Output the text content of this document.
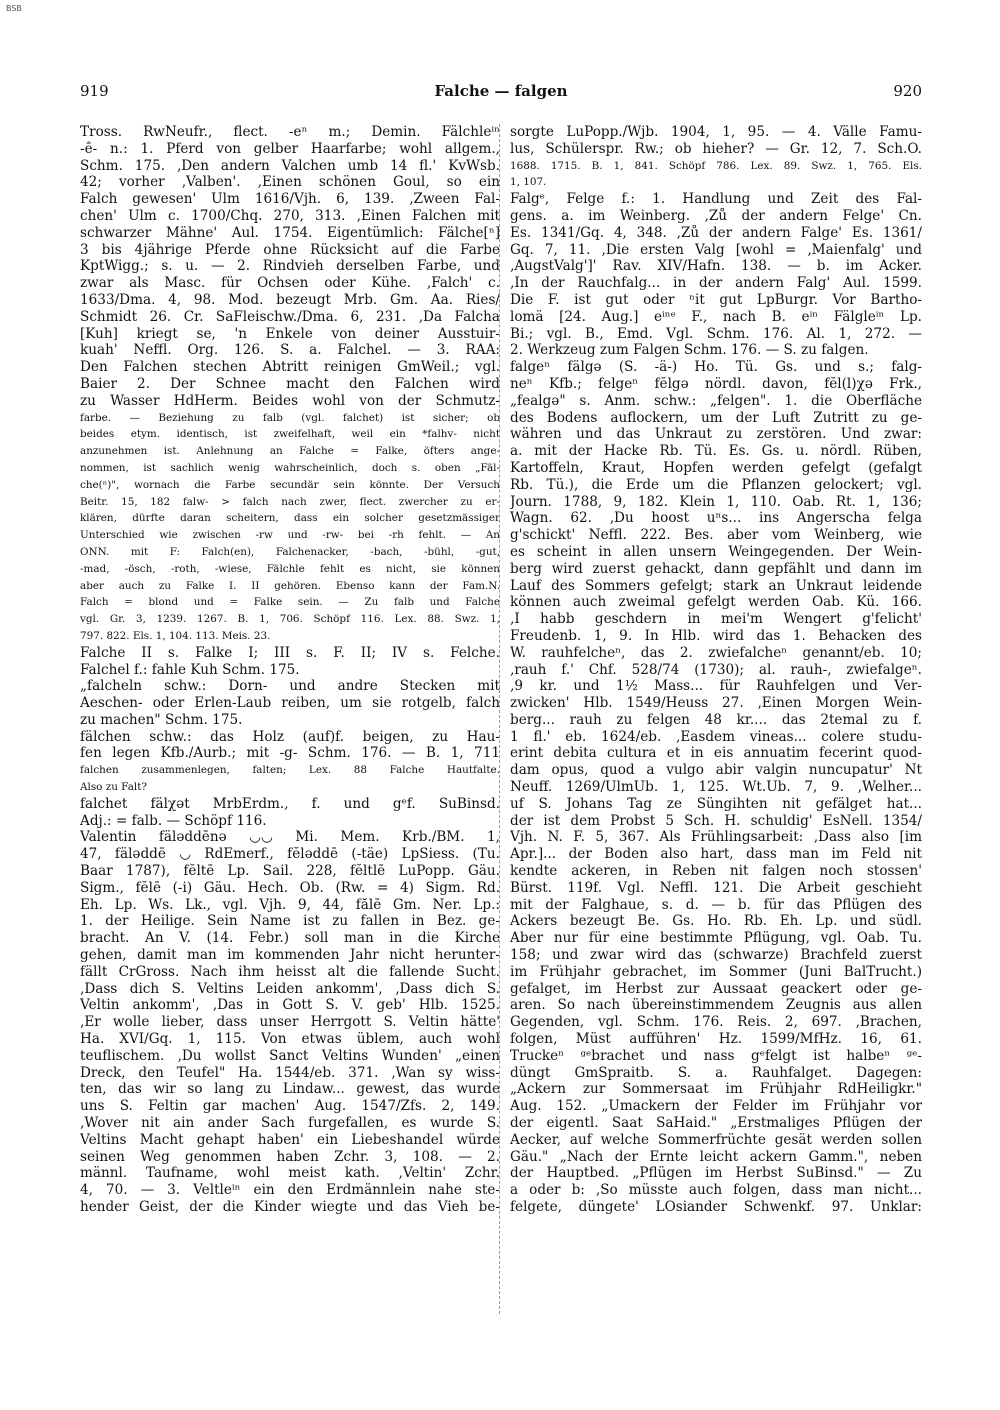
BSB
919	Falche — falgen	920
Tross. RwNeufr., flect. -eⁿ m.; Demin. Fälchleⁱⁿ
-ḗ- n.: 1. Pferd von gelber Haarfarbe; wohl allgem.,
Schm. 175. ‚Den andern Valchen umb 14 fl.' KvWsb.
42; vorher ‚Valben'. ‚Einen schönen Goul, so ein
Falch gewesen' Ulm 1616/Vjh. 6, 139. ‚Zween Fal-
chen' Ulm c. 1700/Chq. 270, 313. ‚Einen Falchen mit
schwarzer Mähne' Aul. 1754. Eigentümlich: Fälche[ⁿ]
3 bis 4jährige Pferde ohne Rücksicht auf die Farbe
KptWigg.; s. u. — 2. Rindvieh derselben Farbe, und
zwar als Masc. für Ochsen oder Kühe. ‚Falch' c.
1633/Dma. 4, 98. Mod. bezeugt Mrb. Gm. Aa. Ries/
Schmidt 26. Cr. SaFleischw./Dma. 6, 231. ‚Da Falcha
[Kuh] kriegt se, 'n Enkele von deiner Ausstuir-
kuah' Neffl. Org. 126. S. a. Falchel. — 3. RAA:
Den Falchen stechen Abtritt reinigen GmWeil.; vgl.
Baier 2. Der Schnee macht den Falchen wird
zu Wasser HdHerm. Beides wohl von der Schmutz-
farbe. — Beziehung zu falb (vgl. falchet) ist sicher; ob
beides etym. identisch, ist zweifelhaft, weil ein *falhv- nicht
anzunehmen ist. Anlehnung an Falche = Falke, öfters ange-
nommen, ist sachlich wenig wahrscheinlich, doch s. oben „Fäl-
che(ⁿ)", wornach die Farbe secundär sein könnte. Der Versuch
Beitr. 15, 182 falw- > falch nach zwer, flect. zwercher zu er-
klären, dürfte daran scheitern, dass ein solcher gesetzmässiger
Unterschied wie zwischen -rw und -rw- bei -rh fehlt. — An
ONN. mit F: Falch(en), Falchenacker, -bach, -bühl, -gut,
-mad, -ösch, -roth, -wiese, Fälchle fehlt es nicht, sie können
aber auch zu Falke I. II gehören. Ebenso kann der Fam.N.
Falch = blond und = Falke sein. — Zu falb und Falche
vgl. Gr. 3, 1239. 1267. B. 1, 706. Schöpf 116. Lex. 88. Swz. 1,
797. 822. Els. 1, 104. 113. Meis. 23.
Falche II s. Falke I; III s. F. II; IV s. Felche.
Falchel f.: fahle Kuh Schm. 175.
„falcheln schw.: Dorn- und andre Stecken mit
Aeschen- oder Erlen-Laub reiben, um sie rotgelb, falch
zu machen" Schm. 175.
fälchen schw.: das Holz (auf)f. beigen, zu Hau-
fen legen Kfb./Aurb.; mit -g- Schm. 176. — B. 1, 711
falchen zusammenlegen, falten; Lex. 88 Falche Hautfalte.
Also zu Falt?
falchet fälχət MrbErdm., f. und gᵉf. SuBinsd.
Adj.: = falb. — Schöpf 116.
Valentin fäləddēnə ◡◡ Mi. Mem. Krb./BM. 1,
47, fäləddē ◡ RdEmerf., fĕləddē (-täe) LpSiess. (Tu.
Baar 1787), fĕltē Lp. Sail. 228, fĕltlē LuPopp. Gäu.
Sigm., fĕlē (-i) Gäu. Hech. Ob. (Rw. = 4) Sigm. Rd.
Eh. Lp. Ws. Lk., vgl. Vjh. 9, 44, fălē Gm. Ner. Lp.:
1. der Heilige. Sein Name ist zu fallen in Bez. ge-
bracht. An V. (14. Febr.) soll man in die Kirche
gehen, damit man im kommenden Jahr nicht herunter-
fällt CrGross. Nach ihm heisst alt die fallende Sucht.
‚Dass dich S. Veltins Leiden ankomm', ‚Dass dich S.
Veltin ankomm', ‚Das in Gott S. V. geb' Hlb. 1525.
‚Er wolle lieber, dass unser Herrgott S. Veltin hätte'
Ha. XVI/Gq. 1, 115. Von etwas üblem, auch wohl
teuflischem. ‚Du wollst Sanct Veltins Wunden' „einen
Dreck, den Teufel" Ha. 1544/eb. 371. ‚Wan sy wiss-
ten, das wir so lang zu Lindaw... gewest, das wurde
uns S. Feltin gar machen' Aug. 1547/Zfs. 2, 149.
‚Wover nit ain ander Sach furgefallen, es wurde S.
Veltins Macht gehapt haben' ein Liebeshandel würde
seinen Weg genommen haben Zchr. 3, 108. — 2.
männl. Taufname, wohl meist kath. ‚Veltin' Zchr.
4, 70. — 3. Veltleⁱⁿ ein den Erdmännlein nahe ste-
hender Geist, der die Kinder wiegte und das Vieh be-
sorgte LuPopp./Wjb. 1904, 1, 95. — 4. Välle Famu-
lus, Schülerspr. Rw.; ob hieher? — Gr. 12, 7. Sch.O.
1688. 1715. B. 1, 841. Schöpf 786. Lex. 89. Swz. 1, 765. Els.
1, 107.
Falgᵉ, Felge f.: 1. Handlung und Zeit des Fal-
gens. a. im Weinberg. ‚Zů der andern Felge' Cn.
Es. 1341/Gq. 4, 348. ‚Zů der andern Falge' Es. 1361/
Gq. 7, 11. ‚Die ersten Valg [wohl = ‚Maienfalg' und
‚AugstValg']' Rav. XIV/Hafn. 138. — b. im Acker.
‚In der Rauchfalg... in der andern Falg' Aul. 1599.
Die F. ist gut oder ⁿit gut LpBurgr. Vor Bartho-
lomä [24. Aug.] eⁱⁿᵉ F., nach B. eⁱⁿ Fälgleⁱⁿ Lp.
Bi.; vgl. B., Emd. Vgl. Schm. 176. Al. 1, 272. —
2. Werkzeug zum Falgen Schm. 176. — S. zu falgen.
falgeⁿ fälgə (S. -ä-) Ho. Tü. Gs. und s.; falg-
neⁿ Kfb.; felgeⁿ fĕlgə nördl. davon, fĕl(l)χə Frk.,
„fealgə" s. Anm. schw.: „felgen". 1. die Oberfläche
des Bodens auflockern, um der Luft Zutritt zu ge-
währen und das Unkraut zu zerstören. Und zwar:
a. mit der Hacke Rb. Tü. Es. Gs. u. nördl. Rüben,
Kartoffeln, Kraut, Hopfen werden gefelgt (gefalgt
Rb. Tü.), die Erde um die Pflanzen gelockert; vgl.
Journ. 1788, 9, 182. Klein 1, 110. Oab. Rt. 1, 136;
Wagn. 62. ‚Du hoost uⁿs... ins Angerscha felga
g'schickt' Neffl. 222. Bes. aber vom Weinberg, wie
es scheint in allen unsern Weingegenden. Der Wein-
berg wird zuerst gehackt, dann gepfählt und dann im
Lauf des Sommers gefelgt; stark an Unkraut leidende
können auch zweimal gefelgt werden Oab. Kü. 166.
‚I habb geschdern in mei'm Wengert g'felicht'
Freudenb. 1, 9. In Hlb. wird das 1. Behacken des
W. rauhfelcheⁿ, das 2. zwiefalcheⁿ genannt/eb. 10;
‚rauh f.' Chf. 528/74 (1730); al. rauh-, zwiefalgeⁿ.
‚9 kr. und 1½ Mass... für Rauhfelgen und Ver-
zwicken' Hlb. 1549/Heuss 27. ‚Einen Morgen Wein-
berg... rauh zu felgen 48 kr.... das 2temal zu f.
1 fl.' eb. 1624/eb. ‚Easdem vineas... colere studu-
erint debita cultura et in eis annuatim fecerint quod-
dam opus, quod a vulgo abir valgin nuncupatur' Nt
Neuff. 1269/UlmUb. 1, 125. Wt.Ub. 7, 9. ‚Welher...
uf S. Johans Tag ze Süngihten nit gefälget hat...
der ist dem Probst 5 Sch. H. schuldig' EsNell. 1354/
Vjh. N. F. 5, 367. Als Frühlingsarbeit: ‚Dass also [im
Apr.]... der Boden also hart, dass man im Feld nit
kendte ackeren, in Reben nit falgen noch stossen'
Bürst. 119f. Vgl. Neffl. 121. Die Arbeit geschieht
mit der Falghaue, s. d. — b. für das Pflügen des
Ackers bezeugt Be. Gs. Ho. Rb. Eh. Lp. und südl.
Aber nur für eine bestimmte Pflügung, vgl. Oab. Tu.
158; und zwar wird das (schwarze) Brachfeld zuerst
im Frühjahr gebrachet, im Sommer (Juni BalTrucht.)
gefalget, im Herbst zur Aussaat geackert oder ge-
aren. So nach übereinstimmendem Zeugnis aus allen
Gegenden, vgl. Schm. 176. Reis. 2, 697. ‚Brachen,
folgen, Müst aufführen' Hz. 1599/MfHz. 16, 61.
Truckeⁿ ᵍᵉbrachet und nass gᵉfelgt ist halbeⁿ ᵍᵉ-
düngt GmSpraitb. S. a. Rauhfalget. Dagegen:
„Ackern zur Sommersaat im Frühjahr RdHeiligkr."
Aug. 152. „Umackern der Felder im Frühjahr vor
der eigentl. Saat SaHaid." „Erstmaliges Pflügen der
Aecker, auf welche Sommerfrüchte gesät werden sollen
Gäu." „Nach der Ernte leicht ackern Gamm.", neben
der Hauptbed. „Pflügen im Herbst SuBinsd." — Zu
a oder b: ‚So müsste auch folgen, dass man nicht...
felgete, düngete' LOsiander Schwenkf. 97. Unklar:
